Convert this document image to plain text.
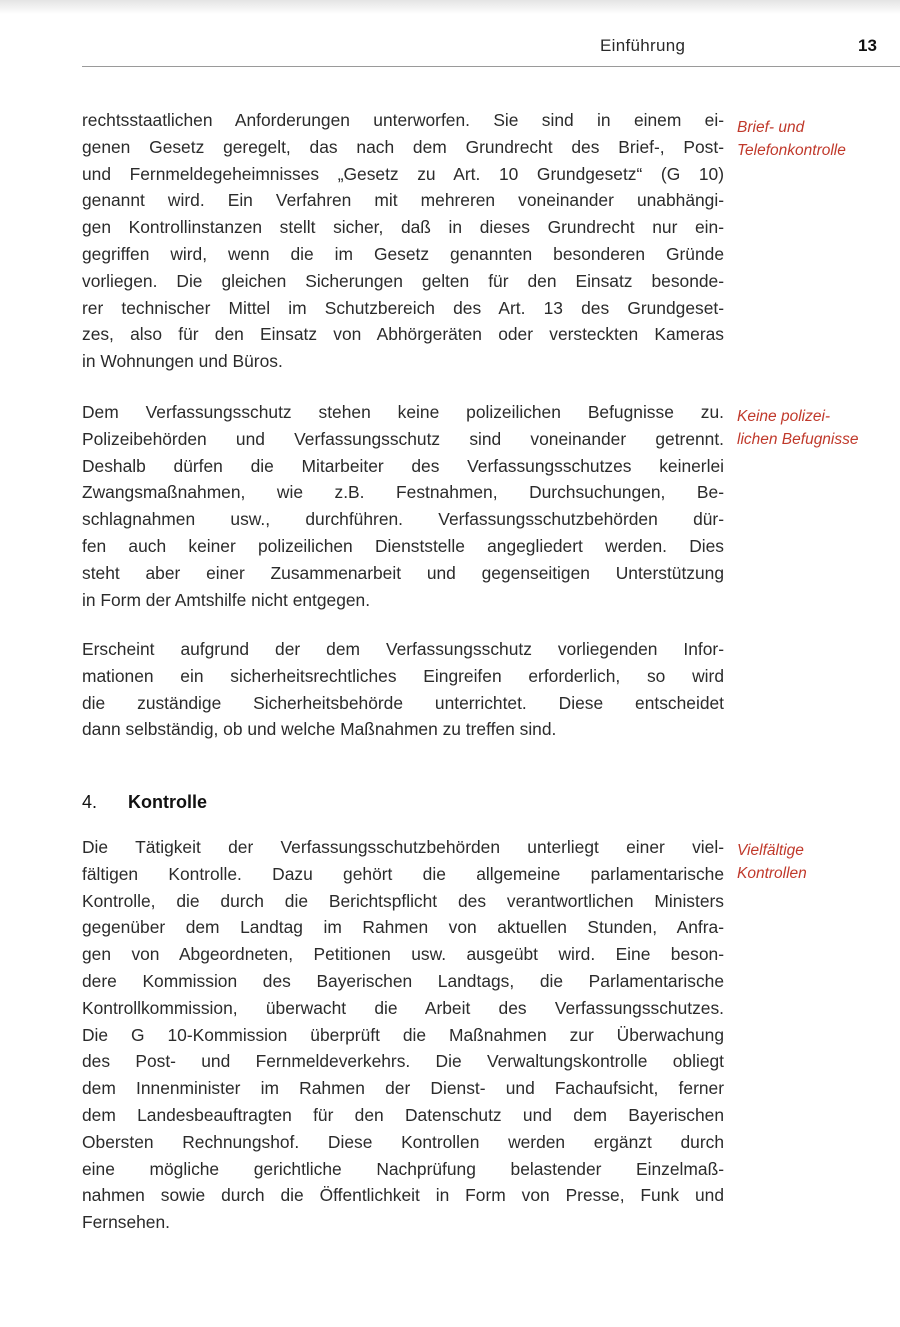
Einführung	13
rechtsstaatlichen Anforderungen unterworfen. Sie sind in einem ei-
genen Gesetz geregelt, das nach dem Grundrecht des Brief-, Post-
und Fernmeldegeheimnisses „Gesetz zu Art. 10 Grundgesetz“ (G 10)
genannt wird. Ein Verfahren mit mehreren voneinander unabhängi-
gen Kontrollinstanzen stellt sicher, daß in dieses Grundrecht nur ein-
gegriffen wird, wenn die im Gesetz genannten besonderen Gründe
vorliegen. Die gleichen Sicherungen gelten für den Einsatz besonde-
rer technischer Mittel im Schutzbereich des Art. 13 des Grundgeset-
zes, also für den Einsatz von Abhörgeräten oder versteckten Kameras
in Wohnungen und Büros.
Dem Verfassungsschutz stehen keine polizeilichen Befugnisse zu.
Polizeibehörden und Verfassungsschutz sind voneinander getrennt.
Deshalb dürfen die Mitarbeiter des Verfassungsschutzes keinerlei
Zwangsmaßnahmen, wie z.B. Festnahmen, Durchsuchungen, Be-
schlagnahmen usw., durchführen. Verfassungsschutzbehörden dür-
fen auch keiner polizeilichen Dienststelle angegliedert werden. Dies
steht aber einer Zusammenarbeit und gegenseitigen Unterstützung
in Form der Amtshilfe nicht entgegen.
Erscheint aufgrund der dem Verfassungsschutz vorliegenden Infor-
mationen ein sicherheitsrechtliches Eingreifen erforderlich, so wird
die zuständige Sicherheitsbehörde unterrichtet. Diese entscheidet
dann selbständig, ob und welche Maßnahmen zu treffen sind.
4. Kontrolle
Die Tätigkeit der Verfassungsschutzbehörden unterliegt einer viel-
fältigen Kontrolle. Dazu gehört die allgemeine parlamentarische
Kontrolle, die durch die Berichtspflicht des verantwortlichen Ministers
gegenüber dem Landtag im Rahmen von aktuellen Stunden, Anfra-
gen von Abgeordneten, Petitionen usw. ausgeübt wird. Eine beson-
dere Kommission des Bayerischen Landtags, die Parlamentarische
Kontrollkommission, überwacht die Arbeit des Verfassungsschutzes.
Die G 10-Kommission überprüft die Maßnahmen zur Überwachung
des Post- und Fernmeldeverkehrs. Die Verwaltungskontrolle obliegt
dem Innenminister im Rahmen der Dienst- und Fachaufsicht, ferner
dem Landesbeauftragten für den Datenschutz und dem Bayerischen
Obersten Rechnungshof. Diese Kontrollen werden ergänzt durch
eine mögliche gerichtliche Nachprüfung belastender Einzelmaß-
nahmen sowie durch die Öffentlichkeit in Form von Presse, Funk und
Fernsehen.
Brief- und
Telefonkontrolle
Keine polizei-
lichen Befugnisse
Vielfältige
Kontrollen
